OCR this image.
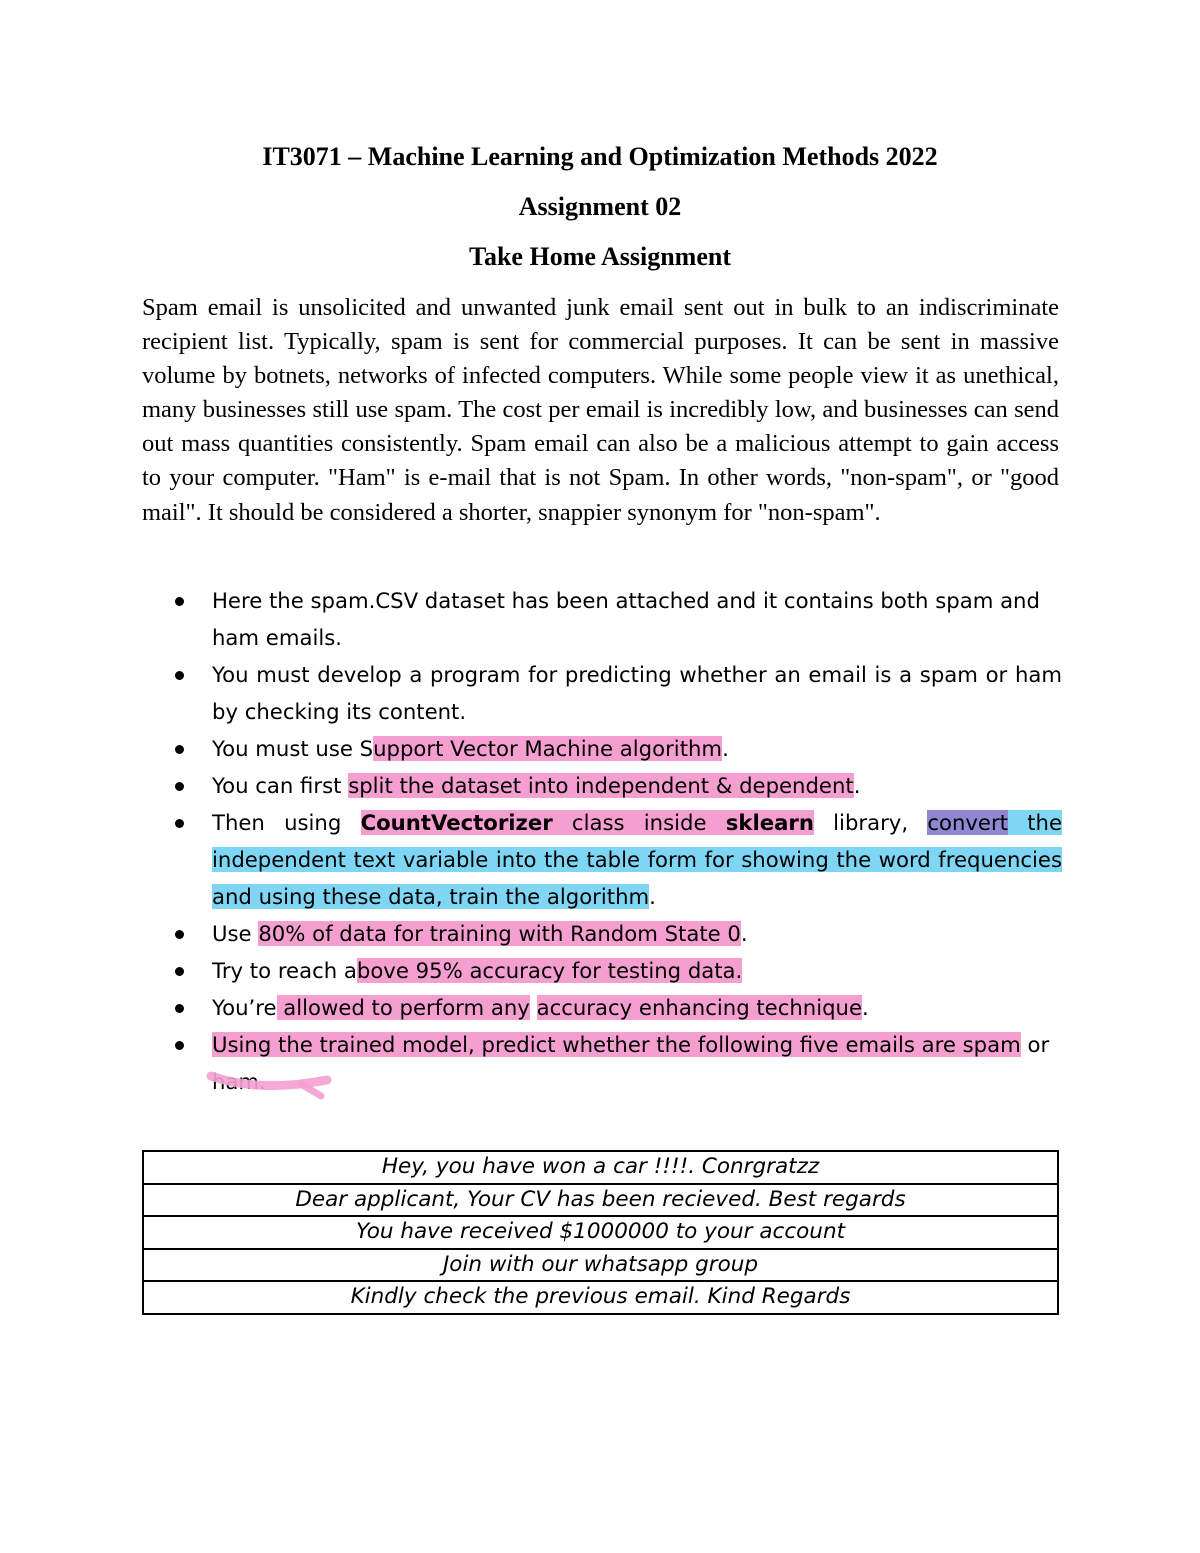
IT3071 – Machine Learning and Optimization Methods 2022
Assignment 02
Take Home Assignment

Spam email is unsolicited and unwanted junk email sent out in bulk to an indiscriminate recipient list. Typically, spam is sent for commercial purposes. It can be sent in massive volume by botnets, networks of infected computers. While some people view it as unethical, many businesses still use spam. The cost per email is incredibly low, and businesses can send out mass quantities consistently. Spam email can also be a malicious attempt to gain access to your computer. "Ham" is e-mail that is not Spam. In other words, "non-spam", or "good mail". It should be considered a shorter, snappier synonym for "non-spam".

Here the spam.CSV dataset has been attached and it contains both spam and ham emails.
You must develop a program for predicting whether an email is a spam or ham by checking its content.
You must use Support Vector Machine algorithm.
You can first split the dataset into independent & dependent.
Then using CountVectorizer class inside sklearn library, convert the independent text variable into the table form for showing the word frequencies and using these data, train the algorithm.
Use 80% of data for training with Random State 0.
Try to reach above 95% accuracy for testing data.
You’re allowed to perform any accuracy enhancing technique.
Using the trained model, predict whether the following five emails are spam or ham.
Hey, you have won a car !!!!. Conrgratzz
Dear applicant, Your CV has been recieved. Best regards
You have received $1000000 to your account
Join with our whatsapp group
Kindly check the previous email. Kind Regards
